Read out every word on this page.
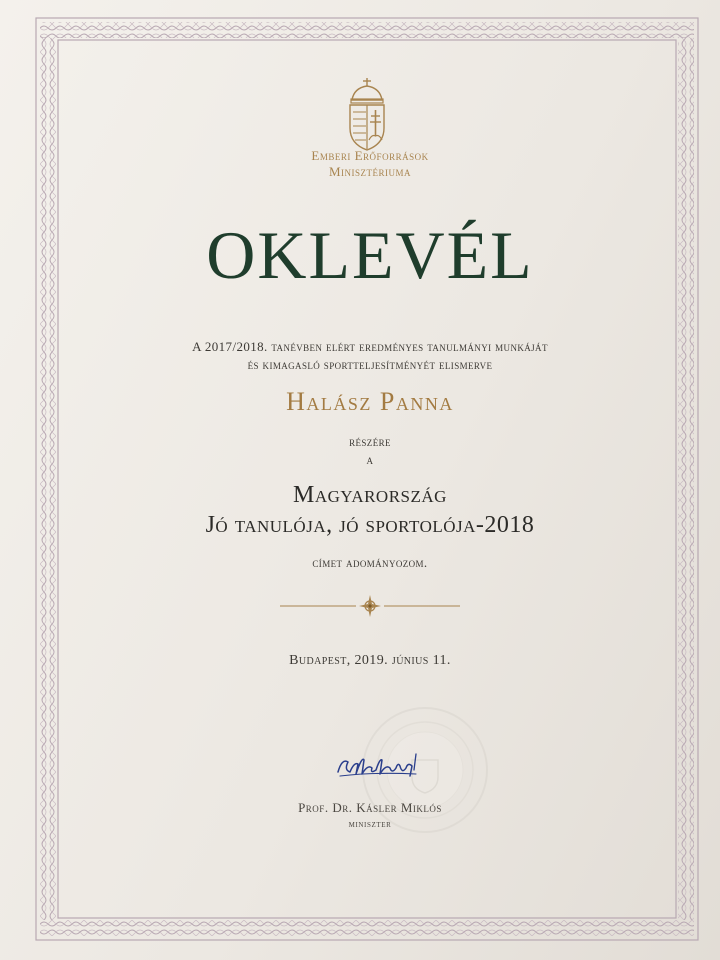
Emberi Erőforrások
Minisztériuma
OKLEVÉL
A 2017/2018. tanévben elért eredményes tanulmányi munkáját
és kimagasló sportteljesítményét elismerve
Halász Panna
részére
a
Magyarország
Jó tanulója, jó sportolója-2018
címet adományozom.
Budapest, 2019. június 11.
Prof. Dr. Kásler Miklós
miniszter
